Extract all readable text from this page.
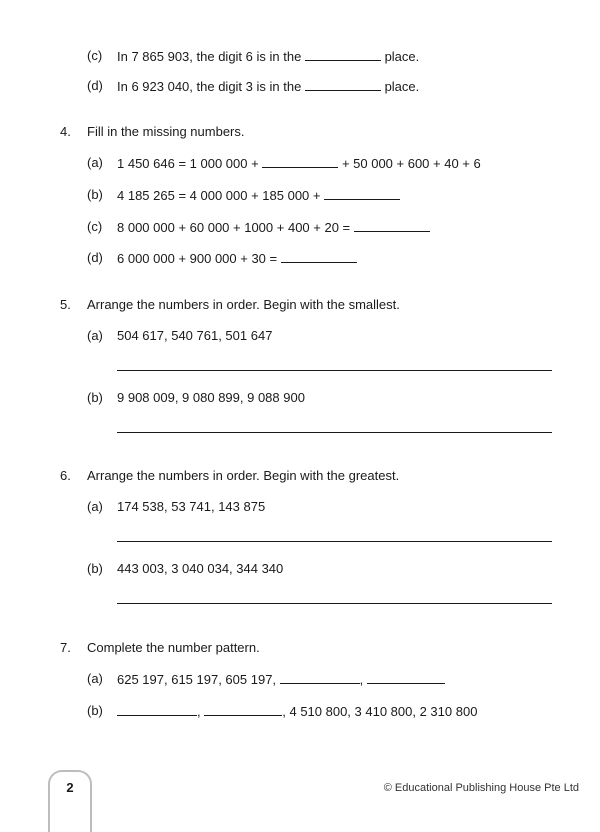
(c) In 7 865 903, the digit 6 is in the	place.
(d) In 6 923 040, the digit 3 is in the	place.
4. Fill in the missing numbers.
(a) 1 450 646 = 1 000 000 +	+ 50 000 + 600 + 40 + 6
(b) 4 185 265 = 4 000 000 + 185 000 +
(c) 8 000 000 + 60 000 + 1000 + 400 + 20 =
(d) 6 000 000 + 900 000 + 30 =
5. Arrange the numbers in order. Begin with the smallest.
(a) 504 617, 540 761, 501 647
(b) 9 908 009, 9 080 899, 9 088 900
6. Arrange the numbers in order. Begin with the greatest.
(a) 174 538, 53 741, 143 875
(b) 443 003, 3 040 034, 344 340
7. Complete the number pattern.
(a) 625 197, 615 197, 605 197,	,
(b)	,	, 4 510 800, 3 410 800, 2 310 800
2	© Educational Publishing House Pte Ltd
